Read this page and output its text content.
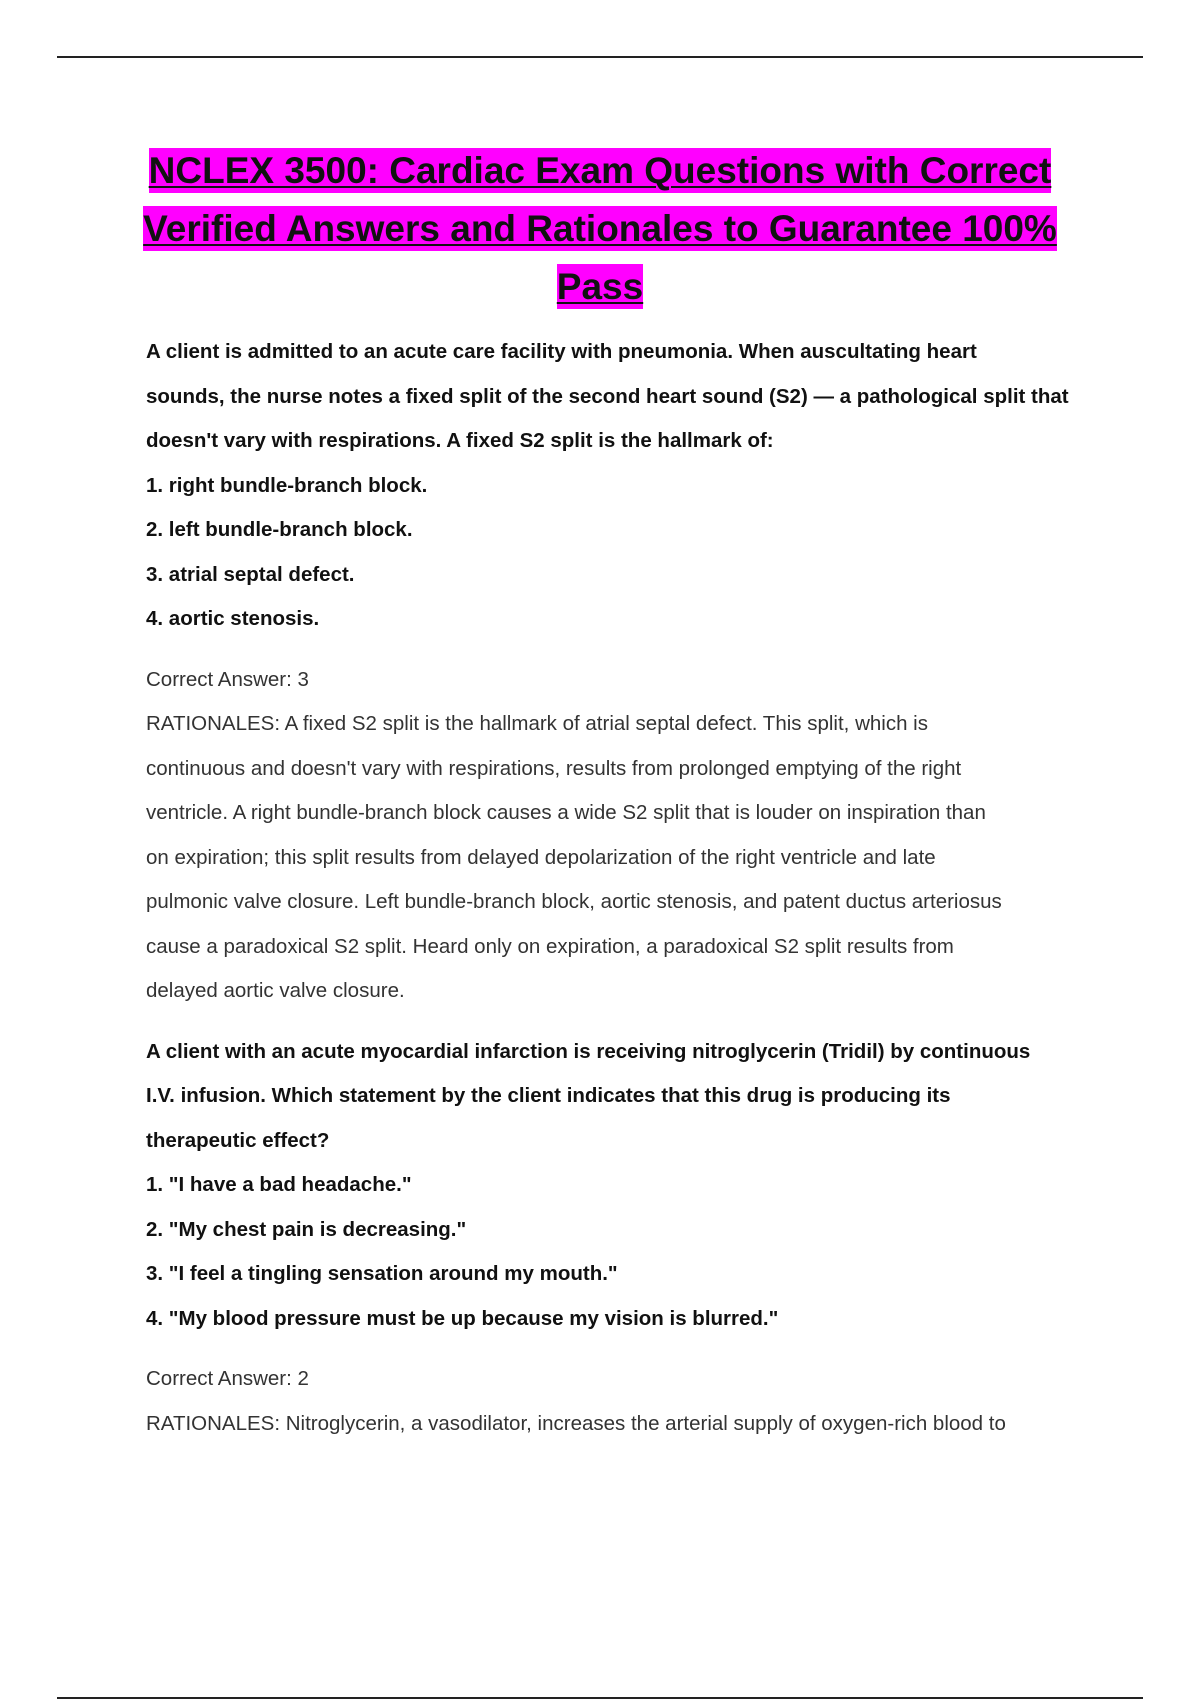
NCLEX 3500: Cardiac Exam Questions with Correct Verified Answers and Rationales to Guarantee 100% Pass

A client is admitted to an acute care facility with pneumonia. When auscultating heart

sounds, the nurse notes a fixed split of the second heart sound (S2) — a pathological split that

doesn't vary with respirations. A fixed S2 split is the hallmark of:

1. right bundle-branch block.
2. left bundle-branch block.
3. atrial septal defect.
4. aortic stenosis.

Correct Answer: 3

RATIONALES: A fixed S2 split is the hallmark of atrial septal defect. This split, which is

continuous and doesn't vary with respirations, results from prolonged emptying of the right

ventricle. A right bundle-branch block causes a wide S2 split that is louder on inspiration than

on expiration; this split results from delayed depolarization of the right ventricle and late

pulmonic valve closure. Left bundle-branch block, aortic stenosis, and patent ductus arteriosus

cause a paradoxical S2 split. Heard only on expiration, a paradoxical S2 split results from

delayed aortic valve closure.

A client with an acute myocardial infarction is receiving nitroglycerin (Tridil) by continuous

I.V. infusion. Which statement by the client indicates that this drug is producing its

therapeutic effect?

1. "I have a bad headache."
2. "My chest pain is decreasing."
3. "I feel a tingling sensation around my mouth."
4. "My blood pressure must be up because my vision is blurred."

Correct Answer: 2

RATIONALES: Nitroglycerin, a vasodilator, increases the arterial supply of oxygen-rich blood to
